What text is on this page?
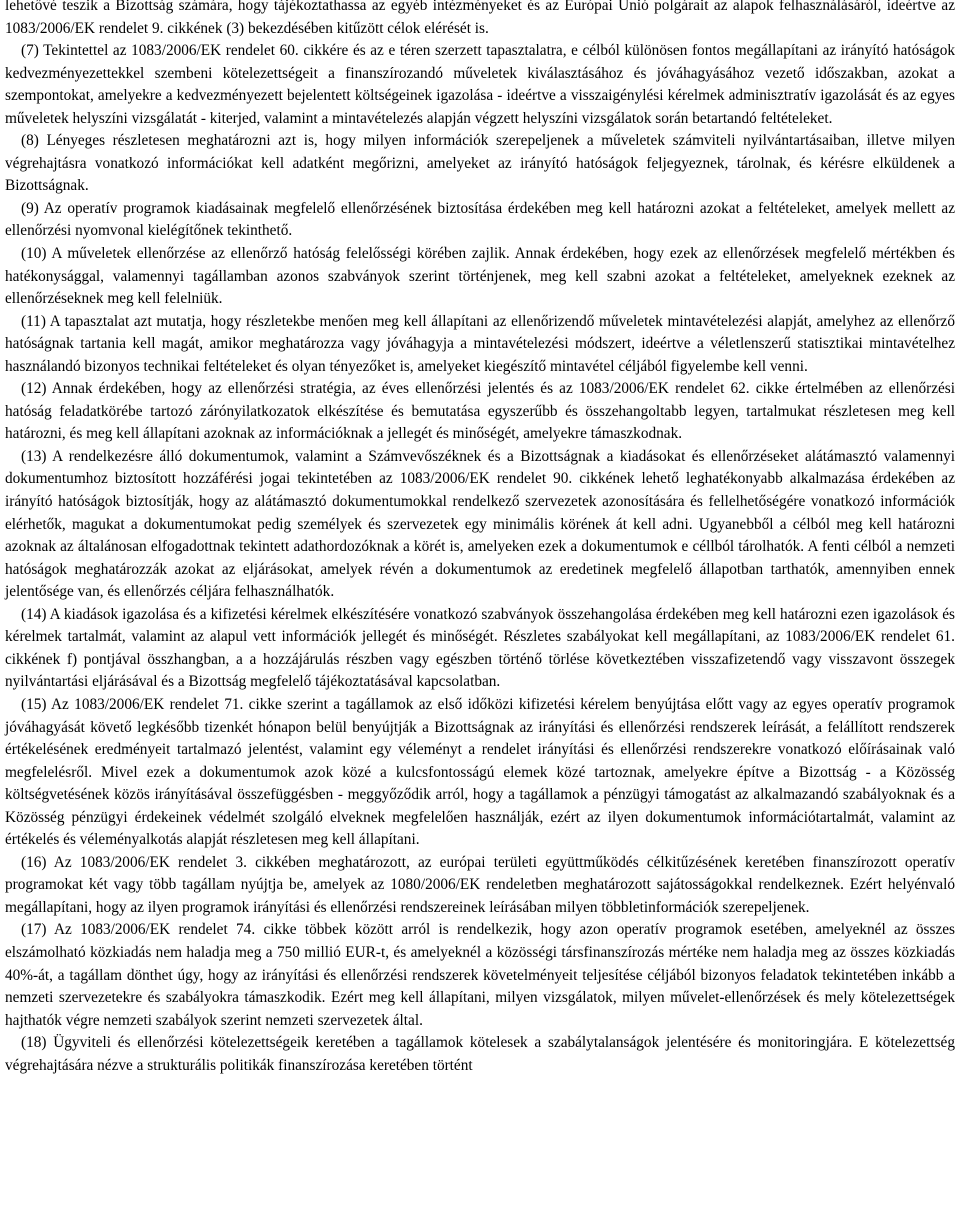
lehetővé teszik a Bizottság számára, hogy tájékoztathassa az egyéb intézményeket és az Európai Unió polgárait az alapok felhasználásáról, ideértve az 1083/2006/EK rendelet 9. cikkének (3) bekezdésében kitűzött célok elérését is.

(7) Tekintettel az 1083/2006/EK rendelet 60. cikkére és az e téren szerzett tapasztalatra, e célból különösen fontos megállapítani az irányító hatóságok kedvezményezettekkel szembeni kötelezettségeit a finanszírozandó műveletek kiválasztásához és jóváhagyásához vezető időszakban, azokat a szempontokat, amelyekre a kedvezményezett bejelentett költségeinek igazolása - ideértve a visszaigénylési kérelmek adminisztratív igazolását és az egyes műveletek helyszíni vizsgálatát - kiterjed, valamint a mintavételezés alapján végzett helyszíni vizsgálatok során betartandó feltételeket.

(8) Lényeges részletesen meghatározni azt is, hogy milyen információk szerepeljenek a műveletek számviteli nyilvántartásaiban, illetve milyen végrehajtásra vonatkozó információkat kell adatként megőrizni, amelyeket az irányító hatóságok feljegyeznek, tárolnak, és kérésre elküldenek a Bizottságnak.

(9) Az operatív programok kiadásainak megfelelő ellenőrzésének biztosítása érdekében meg kell határozni azokat a feltételeket, amelyek mellett az ellenőrzési nyomvonal kielégítőnek tekinthető.

(10) A műveletek ellenőrzése az ellenőrző hatóság felelősségi körében zajlik. Annak érdekében, hogy ezek az ellenőrzések megfelelő mértékben és hatékonysággal, valamennyi tagállamban azonos szabványok szerint történjenek, meg kell szabni azokat a feltételeket, amelyeknek ezeknek az ellenőrzéseknek meg kell felelniük.

(11) A tapasztalat azt mutatja, hogy részletekbe menően meg kell állapítani az ellenőrizendő műveletek mintavételezési alapját, amelyhez az ellenőrző hatóságnak tartania kell magát, amikor meghatározza vagy jóváhagyja a mintavételezési módszert, ideértve a véletlenszerű statisztikai mintavételhez használandó bizonyos technikai feltételeket és olyan tényezőket is, amelyeket kiegészítő mintavétel céljából figyelembe kell venni.

(12) Annak érdekében, hogy az ellenőrzési stratégia, az éves ellenőrzési jelentés és az 1083/2006/EK rendelet 62. cikke értelmében az ellenőrzési hatóság feladatkörébe tartozó zárónyilatkozatok elkészítése és bemutatása egyszerűbb és összehangoltabb legyen, tartalmukat részletesen meg kell határozni, és meg kell állapítani azoknak az információknak a jellegét és minőségét, amelyekre támaszkodnak.

(13) A rendelkezésre álló dokumentumok, valamint a Számvevőszéknek és a Bizottságnak a kiadásokat és ellenőrzéseket alátámasztó valamennyi dokumentumhoz biztosított hozzáférési jogai tekintetében az 1083/2006/EK rendelet 90. cikkének lehető leghatékonyabb alkalmazása érdekében az irányító hatóságok biztosítják, hogy az alátámasztó dokumentumokkal rendelkező szervezetek azonosítására és fellelhetőségére vonatkozó információk elérhetők, magukat a dokumentumokat pedig személyek és szervezetek egy minimális körének át kell adni. Ugyanebből a célból meg kell határozni azoknak az általánosan elfogadottnak tekintett adathordozóknak a körét is, amelyeken ezek a dokumentumok e céllból tárolhatók. A fenti célból a nemzeti hatóságok meghatározzák azokat az eljárásokat, amelyek révén a dokumentumok az eredetinek megfelelő állapotban tarthatók, amennyiben ennek jelentősége van, és ellenőrzés céljára felhasználhatók.

(14) A kiadások igazolása és a kifizetési kérelmek elkészítésére vonatkozó szabványok összehangolása érdekében meg kell határozni ezen igazolások és kérelmek tartalmát, valamint az alapul vett információk jellegét és minőségét. Részletes szabályokat kell megállapítani, az 1083/2006/EK rendelet 61. cikkének f) pontjával összhangban, a a hozzájárulás részben vagy egészben történő törlése következtében visszafizetendő vagy visszavont összegek nyilvántartási eljárásával és a Bizottság megfelelő tájékoztatásával kapcsolatban.

(15) Az 1083/2006/EK rendelet 71. cikke szerint a tagállamok az első időközi kifizetési kérelem benyújtása előtt vagy az egyes operatív programok jóváhagyását követő legkésőbb tizenkét hónapon belül benyújtják a Bizottságnak az irányítási és ellenőrzési rendszerek leírását, a felállított rendszerek értékelésének eredményeit tartalmazó jelentést, valamint egy véleményt a rendelet irányítási és ellenőrzési rendszerekre vonatkozó előírásainak való megfelelésről. Mivel ezek a dokumentumok azok közé a kulcsfontosságú elemek közé tartoznak, amelyekre építve a Bizottság - a Közösség költségvetésének közös irányításával összefüggésben - meggyőződik arról, hogy a tagállamok a pénzügyi támogatást az alkalmazandó szabályoknak és a Közösség pénzügyi érdekeinek védelmét szolgáló elveknek megfelelően használják, ezért az ilyen dokumentumok információtartalmát, valamint az értékelés és véleményalkotás alapját részletesen meg kell állapítani.

(16) Az 1083/2006/EK rendelet 3. cikkében meghatározott, az európai területi együttműködés célkitűzésének keretében finanszírozott operatív programokat két vagy több tagállam nyújtja be, amelyek az 1080/2006/EK rendeletben meghatározott sajátosságokkal rendelkeznek. Ezért helyénvaló megállapítani, hogy az ilyen programok irányítási és ellenőrzési rendszereinek leírásában milyen többletinformációk szerepeljenek.

(17) Az 1083/2006/EK rendelet 74. cikke többek között arról is rendelkezik, hogy azon operatív programok esetében, amelyeknél az összes elszámolható közkiadás nem haladja meg a 750 millió EUR-t, és amelyeknél a közösségi társfinanszírozás mértéke nem haladja meg az összes közkiadás 40%-át, a tagállam dönthet úgy, hogy az irányítási és ellenőrzési rendszerek követelményeit teljesítése céljából bizonyos feladatok tekintetében inkább a nemzeti szervezetekre és szabályokra támaszkodik. Ezért meg kell állapítani, milyen vizsgálatok, milyen művelet-ellenőrzések és mely kötelezettségek hajthatók végre nemzeti szabályok szerint nemzeti szervezetek által.

(18) Ügyviteli és ellenőrzési kötelezettségeik keretében a tagállamok kötelesek a szabálytalanságok jelentésére és monitoringjára. E kötelezettség végrehajtására nézve a strukturális politikák finanszírozása keretében történt
